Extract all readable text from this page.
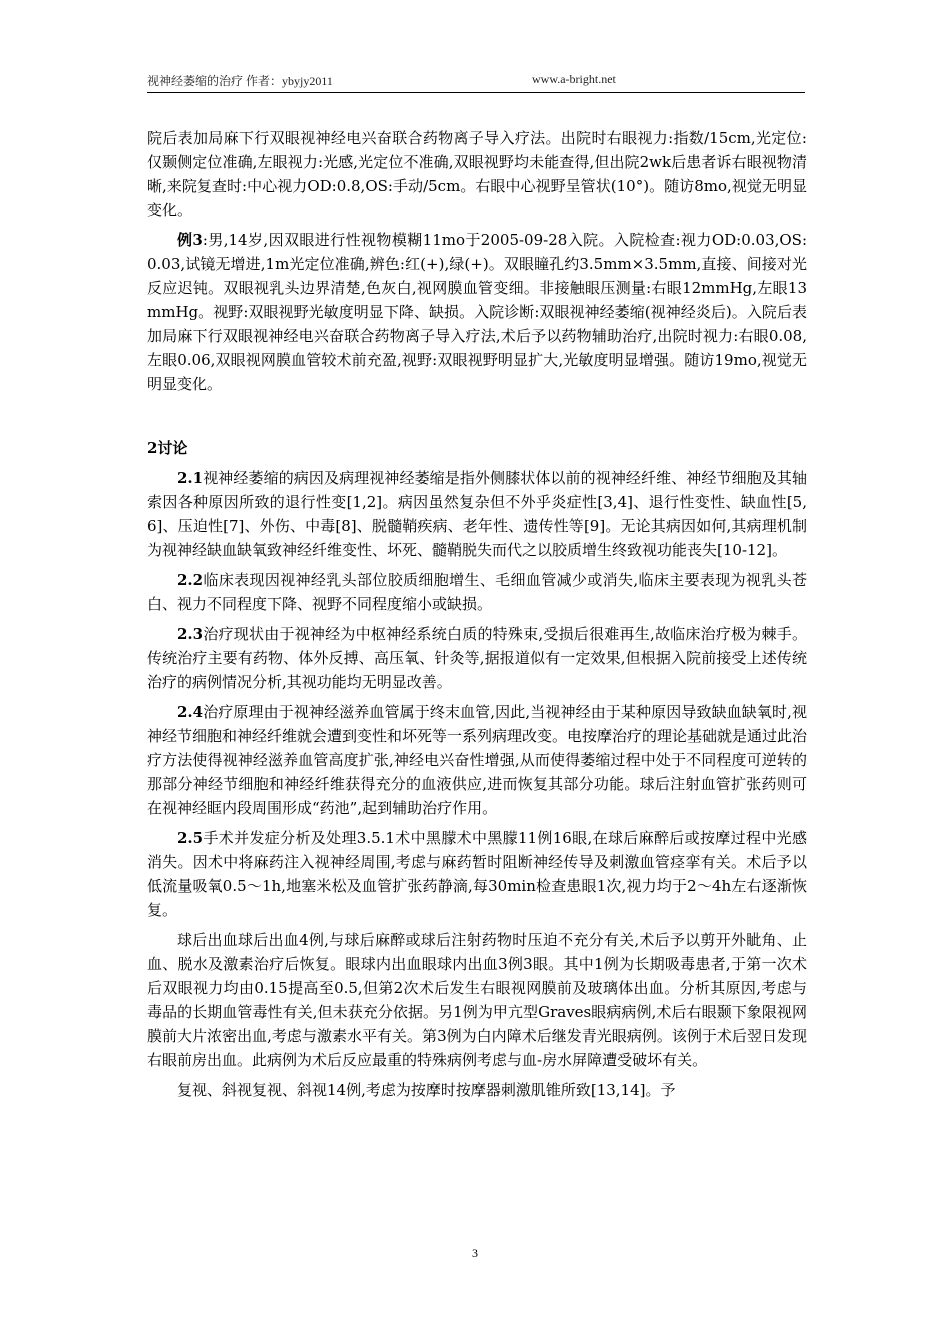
视神经萎缩的治疗 作者：ybyjy2011	www.a-bright.net

院后表加局麻下行双眼视神经电兴奋联合药物离子导入疗法。出院时右眼视力:指数/15cm,光定位:仅颞侧定位准确,左眼视力:光感,光定位不准确,双眼视野均未能查得,但出院2wk后患者诉右眼视物清晰,来院复查时:中心视力OD:0.8,OS:手动/5cm。右眼中心视野呈管状(10°)。随访8mo,视觉无明显变化。

例3:男,14岁,因双眼进行性视物模糊11mo于2005-09-28入院。入院检查:视力OD:0.03,OS:0.03,试镜无增进,1m光定位准确,辨色:红(+),绿(+)。双眼瞳孔约3.5mm×3.5mm,直接、间接对光反应迟钝。双眼视乳头边界清楚,色灰白,视网膜血管变细。非接触眼压测量:右眼12mmHg,左眼13mmHg。视野:双眼视野光敏度明显下降、缺损。入院诊断:双眼视神经萎缩(视神经炎后)。入院后表加局麻下行双眼视神经电兴奋联合药物离子导入疗法,术后予以药物辅助治疗,出院时视力:右眼0.08,左眼0.06,双眼视网膜血管较术前充盈,视野:双眼视野明显扩大,光敏度明显增强。随访19mo,视觉无明显变化。

2讨论

2.1视神经萎缩的病因及病理视神经萎缩是指外侧膝状体以前的视神经纤维、神经节细胞及其轴索因各种原因所致的退行性变[1,2]。病因虽然复杂但不外乎炎症性[3,4]、退行性变性、缺血性[5,6]、压迫性[7]、外伤、中毒[8]、脱髓鞘疾病、老年性、遗传性等[9]。无论其病因如何,其病理机制为视神经缺血缺氧致神经纤维变性、坏死、髓鞘脱失而代之以胶质增生终致视功能丧失[10-12]。

2.2临床表现因视神经乳头部位胶质细胞增生、毛细血管减少或消失,临床主要表现为视乳头苍白、视力不同程度下降、视野不同程度缩小或缺损。

2.3治疗现状由于视神经为中枢神经系统白质的特殊束,受损后很难再生,故临床治疗极为棘手。传统治疗主要有药物、体外反搏、高压氧、针灸等,据报道似有一定效果,但根据入院前接受上述传统治疗的病例情况分析,其视功能均无明显改善。

2.4治疗原理由于视神经滋养血管属于终末血管,因此,当视神经由于某种原因导致缺血缺氧时,视神经节细胞和神经纤维就会遭到变性和坏死等一系列病理改变。电按摩治疗的理论基础就是通过此治疗方法使得视神经滋养血管高度扩张,神经电兴奋性增强,从而使得萎缩过程中处于不同程度可逆转的那部分神经节细胞和神经纤维获得充分的血液供应,进而恢复其部分功能。球后注射血管扩张药则可在视神经眶内段周围形成“药池”,起到辅助治疗作用。

2.5手术并发症分析及处理3.5.1术中黑朦术中黑朦11例16眼,在球后麻醉后或按摩过程中光感消失。因术中将麻药注入视神经周围,考虑与麻药暂时阻断神经传导及刺激血管痉挛有关。术后予以低流量吸氧0.5～1h,地塞米松及血管扩张药静滴,每30min检查患眼1次,视力均于2～4h左右逐渐恢复。

球后出血球后出血4例,与球后麻醉或球后注射药物时压迫不充分有关,术后予以剪开外眦角、止血、脱水及激素治疗后恢复。眼球内出血眼球内出血3例3眼。其中1例为长期吸毒患者,于第一次术后双眼视力均由0.15提高至0.5,但第2次术后发生右眼视网膜前及玻璃体出血。分析其原因,考虑与毒品的长期血管毒性有关,但未获充分依据。另1例为甲亢型Graves眼病病例,术后右眼颞下象限视网膜前大片浓密出血,考虑与激素水平有关。第3例为白内障术后继发青光眼病例。该例于术后翌日发现右眼前房出血。此病例为术后反应最重的特殊病例考虑与血-房水屏障遭受破坏有关。

复视、斜视复视、斜视14例,考虑为按摩时按摩器刺激肌锥所致[13,14]。予

3
